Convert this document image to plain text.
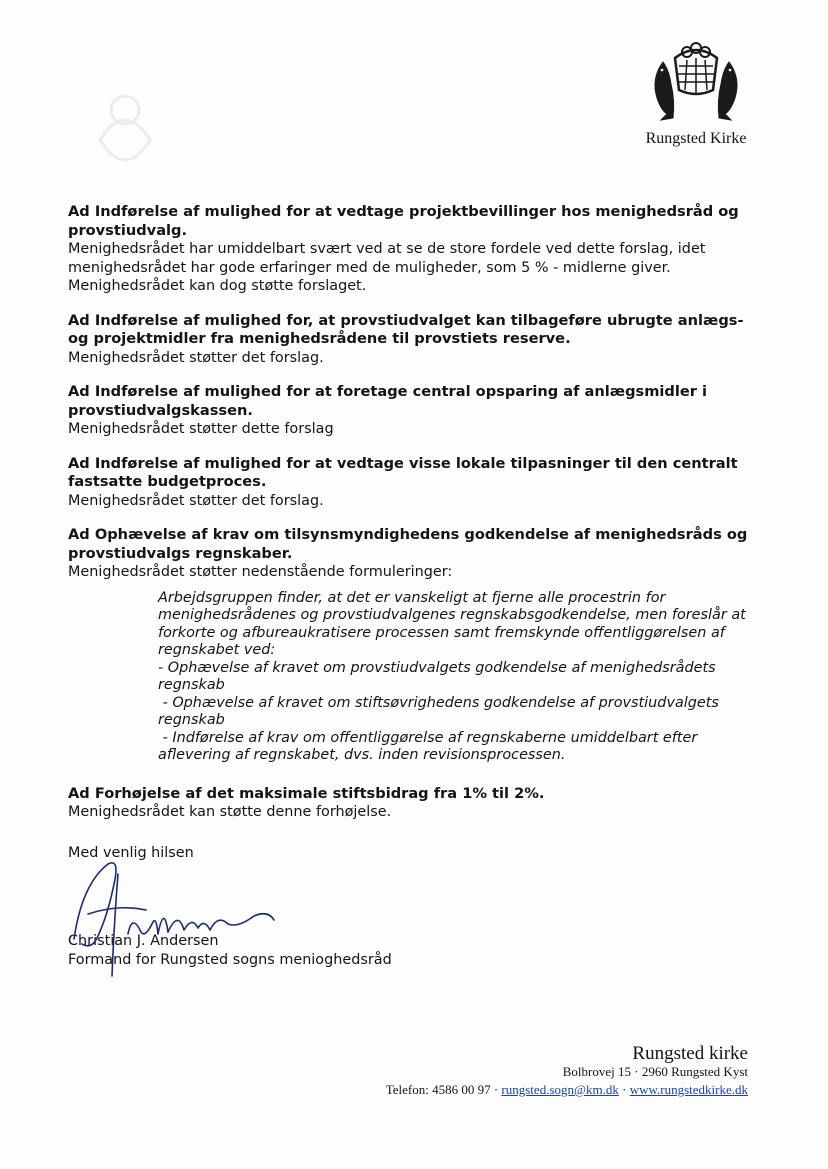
Rungsted Kirke

Ad Indførelse af mulighed for at vedtage projektbevillinger hos menighedsråd og provstiudvalg.

Menighedsrådet har umiddelbart svært ved at se de store fordele ved dette forslag, idet menighedsrådet har gode erfaringer med de muligheder, som 5 % - midlerne giver. Menighedsrådet kan dog støtte forslaget.

Ad Indførelse af mulighed for, at provstiudvalget kan tilbageføre ubrugte anlægs- og projektmidler fra menighedsrådene til provstiets reserve.

Menighedsrådet støtter det forslag.

Ad Indførelse af mulighed for at foretage central opsparing af anlægsmidler i provstiudvalgskassen.

Menighedsrådet støtter dette forslag

Ad Indførelse af mulighed for at vedtage visse lokale tilpasninger til den centralt fastsatte budgetproces.

Menighedsrådet støtter det forslag.

Ad Ophævelse af krav om tilsynsmyndighedens godkendelse af menighedsråds og provstiudvalgs regnskaber.

Menighedsrådet støtter nedenstående formuleringer:

Arbejdsgruppen finder, at det er vanskeligt at fjerne alle procestrin for menighedsrådenes og provstiudvalgenes regnskabsgodkendelse, men foreslår at forkorte og afbureaukratisere processen samt fremskynde offentliggørelsen af regnskabet ved:

- Ophævelse af kravet om provstiudvalgets godkendelse af menighedsrådets regnskab

- Ophævelse af kravet om stiftsøvrighedens godkendelse af provstiudvalgets regnskab

- Indførelse af krav om offentliggørelse af regnskaberne umiddelbart efter aflevering af regnskabet, dvs. inden revisionsprocessen.

Ad Forhøjelse af det maksimale stiftsbidrag fra 1% til 2%.

Menighedsrådet kan støtte denne forhøjelse.

Med venlig hilsen

Christian J. Andersen

Formand for Rungsted sogns menioghedsråd

Rungsted kirke
Bolbrovej 15 · 2960 Rungsted Kyst
Telefon: 4586 00 97 · rungsted.sogn@km.dk · www.rungstedkirke.dk
